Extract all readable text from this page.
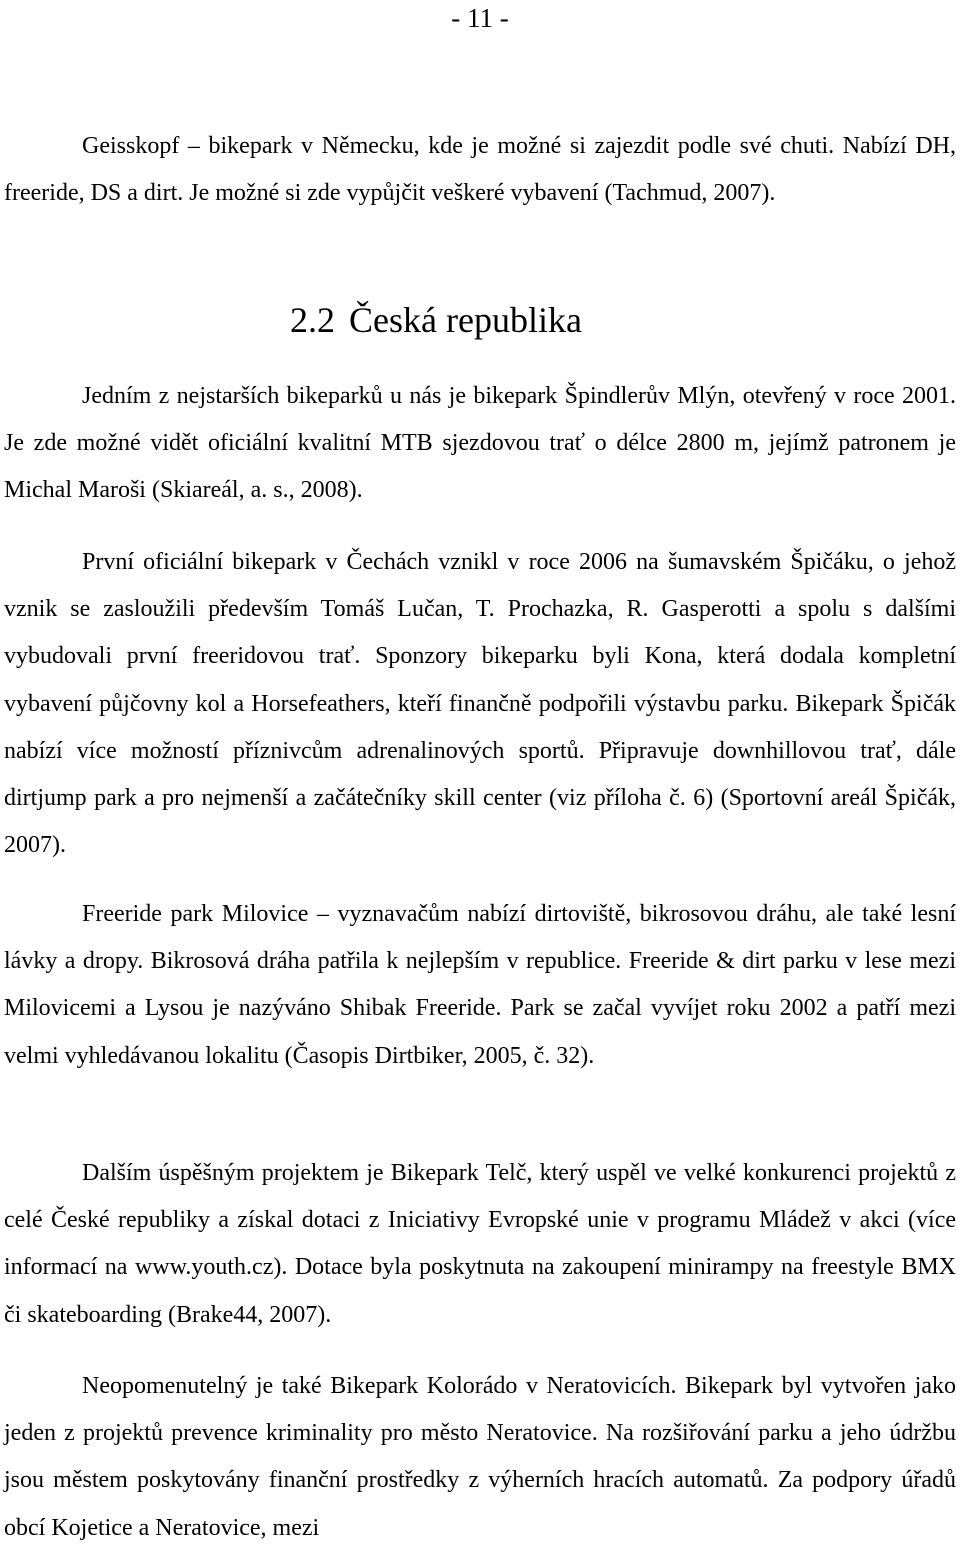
- 11 -

Geisskopf – bikepark v Německu, kde je možné si zajezdit podle své chuti. Nabízí DH, freeride, DS a dirt. Je možné si zde vypůjčit veškeré vybavení (Tachmud, 2007).

2.2 Česká republika

Jedním z nejstarších bikeparků u nás je bikepark Špindlerův Mlýn, otevřený v roce 2001. Je zde možné vidět oficiální kvalitní MTB sjezdovou trať o délce 2800 m, jejímž patronem je Michal Maroši (Skiareál, a. s., 2008).

První oficiální bikepark v Čechách vznikl v roce 2006 na šumavském Špičáku, o jehož vznik se zasloužili především Tomáš Lučan, T. Prochazka, R. Gasperotti a spolu s dalšími vybudovali první freeridovou trať. Sponzory bikeparku byli Kona, která dodala kompletní vybavení půjčovny kol a Horsefeathers, kteří finančně podpořili výstavbu parku. Bikepark Špičák nabízí více možností příznivcům adrenalinových sportů. Připravuje downhillovou trať, dále dirtjump park a pro nejmenší a začátečníky skill center (viz příloha č. 6) (Sportovní areál Špičák, 2007).

Freeride park Milovice – vyznavačům nabízí dirtoviště, bikrosovou dráhu, ale také lesní lávky a dropy. Bikrosová dráha patřila k nejlepším v republice. Freeride & dirt parku v lese mezi Milovicemi a Lysou je nazýváno Shibak Freeride. Park se začal vyvíjet roku 2002 a patří mezi velmi vyhledávanou lokalitu (Časopis Dirtbiker, 2005, č. 32).

Dalším úspěšným projektem je Bikepark Telč, který uspěl ve velké konkurenci projektů z celé České republiky a získal dotaci z Iniciativy Evropské unie v programu Mládež v akci (více informací na www.youth.cz). Dotace byla poskytnuta na zakoupení minirampy na freestyle BMX či skateboarding (Brake44, 2007).

Neopomenutelný je také Bikepark Kolorádo v Neratovicích. Bikepark byl vytvořen jako jeden z projektů prevence kriminality pro město Neratovice. Na rozšiřování parku a jeho údržbu jsou městem poskytovány finanční prostředky z výherních hracích automatů. Za podpory úřadů obcí Kojetice a Neratovice, mezi
